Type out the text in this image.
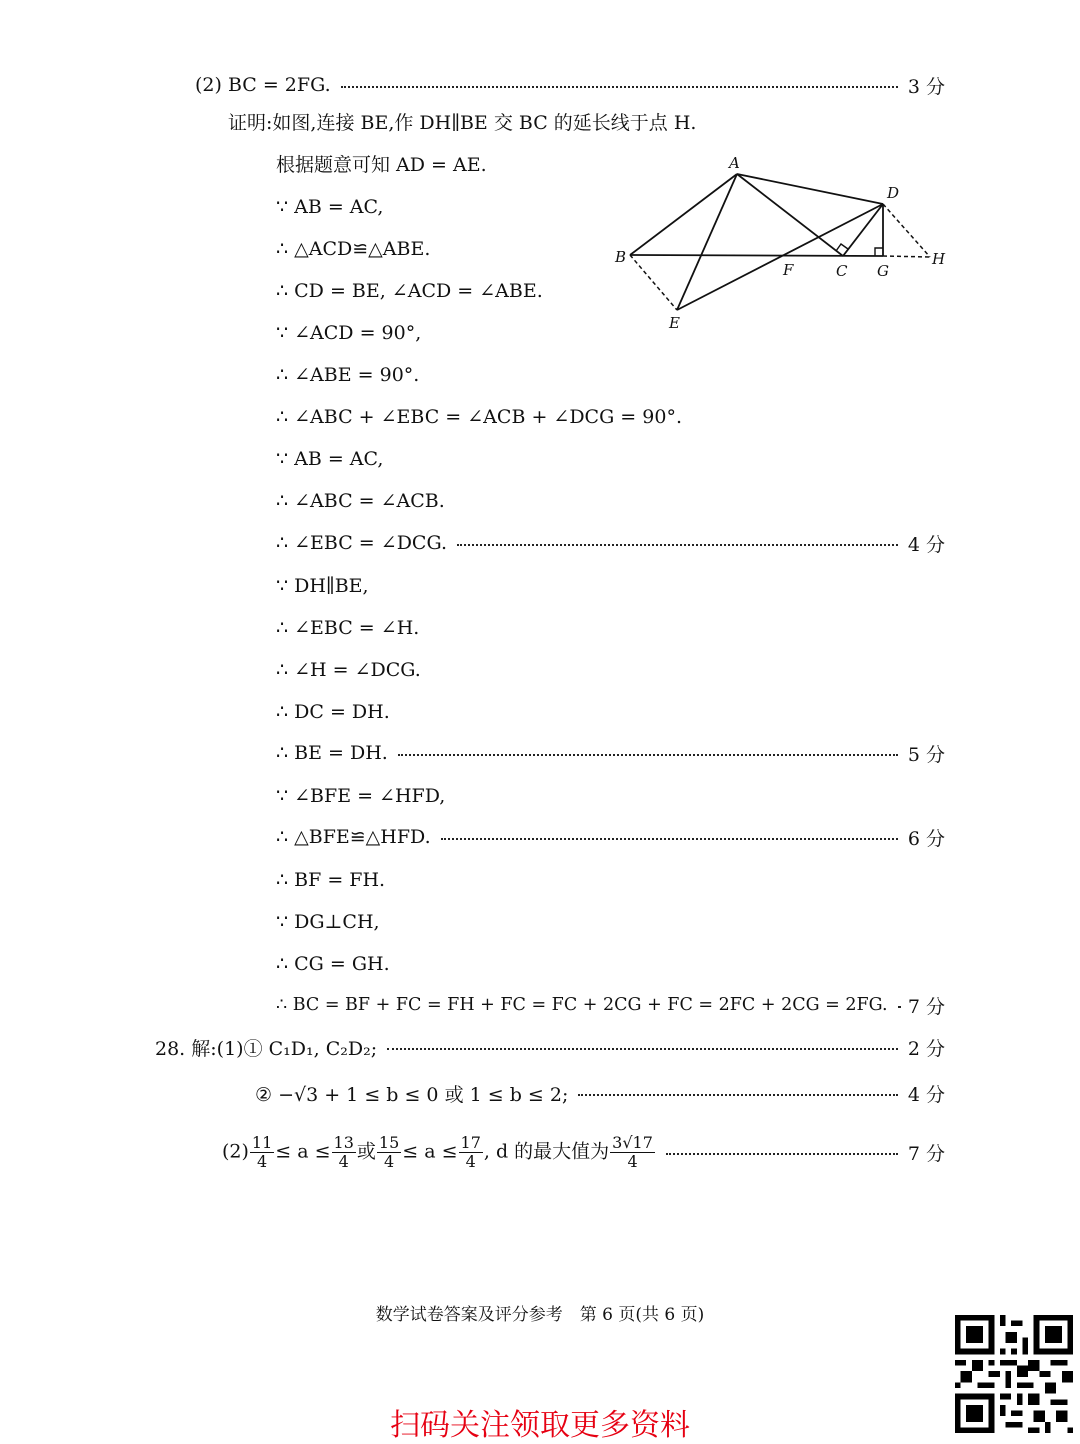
(2) BC = 2FG.	3 分
证明:如图,连接 BE,作 DH∥BE 交 BC 的延长线于点 H.
根据题意可知 AD = AE.
∵ AB = AC,
∴ △ACD≌△ABE.
∴ CD = BE, ∠ACD = ∠ABE.
∵ ∠ACD = 90°,
∴ ∠ABE = 90°.
∴ ∠ABC + ∠EBC = ∠ACB + ∠DCG = 90°.
∵ AB = AC,
∴ ∠ABC = ∠ACB.
∴ ∠EBC = ∠DCG.	4 分
∵ DH∥BE,
∴ ∠EBC = ∠H.
∴ ∠H = ∠DCG.
∴ DC = DH.
∴ BE = DH.	5 分
∵ ∠BFE = ∠HFD,
∴ △BFE≌△HFD.	6 分
∴ BF = FH.
∵ DG⊥CH,
∴ CG = GH.
∴ BC = BF + FC = FH + FC = FC + 2CG + FC = 2FC + 2CG = 2FG. 7 分
28. 解:(1)① C₁D₁, C₂D₂;	2 分
② −√3 + 1 ≤ b ≤ 0 或 1 ≤ b ≤ 2;	4 分
$(2) \frac{11}{4} \le a \le \frac{13}{4}$ 或 $\frac{15}{4} \le a \le \frac{17}{4}$ , d 的最大值为 $\frac{3√17}{4}$	7 分
A
B
C
D
E
F	G
H
数学试卷答案及评分参考　第 6 页(共 6 页)
扫码关注领取更多资料
